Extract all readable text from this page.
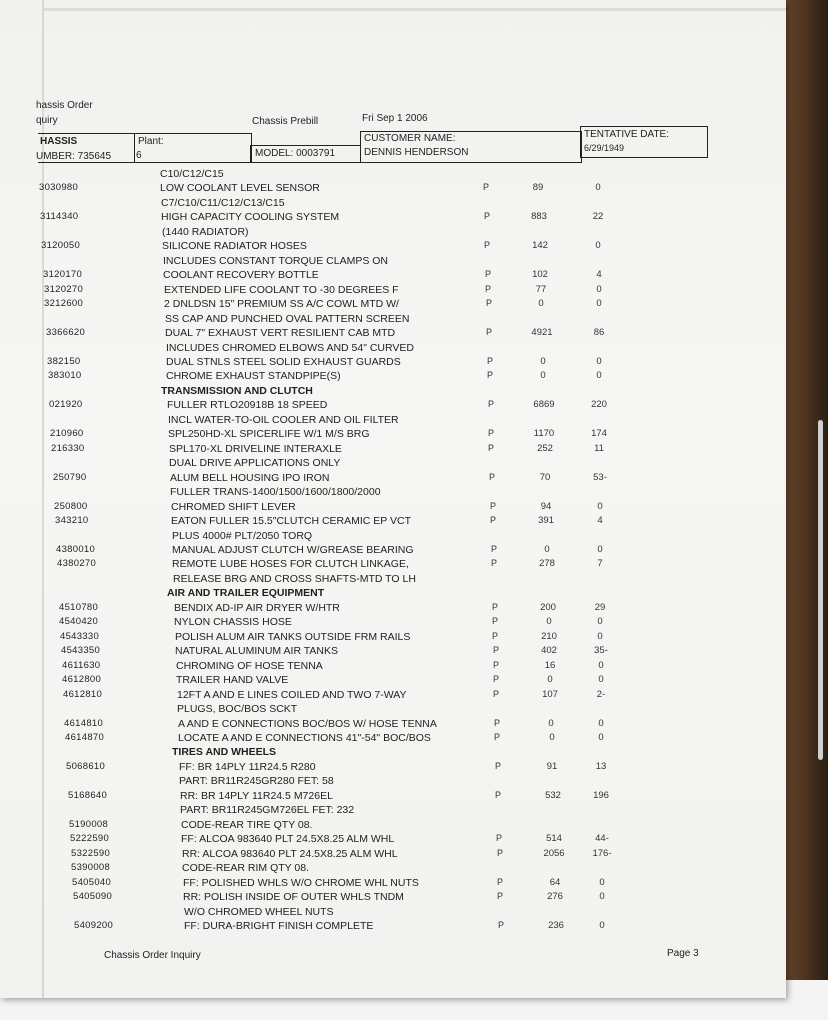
hassis Order
quiry	Chassis Prebill	Fri Sep 1 2006
HASSIS
UMBER: 735645
Plant:
6	MODEL: 0003791
CUSTOMER NAME:
DENNIS HENDERSON
TENTATIVE DATE:
6/29/1949
C10/C12/C15
3030980	LOW COOLANT LEVEL SENSOR	P	89	0
C7/C10/C11/C12/C13/C15
3114340	HIGH CAPACITY COOLING SYSTEM	P	883	22
(1440 RADIATOR)
3120050	SILICONE RADIATOR HOSES	P	142	0
INCLUDES CONSTANT TORQUE CLAMPS ON
3120170	COOLANT RECOVERY BOTTLE	P	102	4
3120270	EXTENDED LIFE COOLANT TO -30 DEGREES F	P	77	0
3212600	2 DNLDSN 15" PREMIUM SS A/C COWL MTD W/	P	0	0
SS CAP AND PUNCHED OVAL PATTERN SCREEN
3366620	DUAL 7" EXHAUST VERT RESILIENT CAB MTD	P	4921	86
INCLUDES CHROMED ELBOWS AND 54" CURVED
382150	DUAL STNLS STEEL SOLID EXHAUST GUARDS	P	0	0
383010	CHROME EXHAUST STANDPIPE(S)	P	0	0
TRANSMISSION AND CLUTCH
021920	FULLER RTLO20918B 18 SPEED	P	6869	220
INCL WATER-TO-OIL COOLER AND OIL FILTER
210960	SPL250HD-XL SPICERLIFE W/1 M/S BRG	P	1170	174
216330	SPL170-XL DRIVELINE INTERAXLE	P	252	11
DUAL DRIVE APPLICATIONS ONLY
250790	ALUM BELL HOUSING IPO IRON	P	70	53-
FULLER TRANS-1400/1500/1600/1800/2000
250800	CHROMED SHIFT LEVER	P	94	0
343210	EATON FULLER 15.5"CLUTCH CERAMIC EP VCT	P	391	4
PLUS 4000# PLT/2050 TORQ
4380010	MANUAL ADJUST CLUTCH W/GREASE BEARING	P	0	0
4380270	REMOTE LUBE HOSES FOR CLUTCH LINKAGE,	P	278	7
RELEASE BRG AND CROSS SHAFTS-MTD TO LH
AIR AND TRAILER EQUIPMENT
4510780	BENDIX AD-IP AIR DRYER W/HTR	P	200	29
4540420	NYLON CHASSIS HOSE	P	0	0
4543330	POLISH ALUM AIR TANKS OUTSIDE FRM RAILS	P	210	0
4543350	NATURAL ALUMINUM AIR TANKS	P	402	35-
4611630	CHROMING OF HOSE TENNA	P	16	0
4612800	TRAILER HAND VALVE	P	0	0
4612810	12FT A AND E LINES COILED AND TWO 7-WAY	P	107	2-
PLUGS, BOC/BOS SCKT
4614810	A AND E CONNECTIONS BOC/BOS W/ HOSE TENNA	P	0	0
4614870	LOCATE A AND E CONNECTIONS 41"-54" BOC/BOS	P	0	0
TIRES AND WHEELS
5068610	FF: BR 14PLY 11R24.5 R280	P	91	13
PART: BR11R245GR280 FET: 58
5168640	RR: BR 14PLY 11R24.5 M726EL	P	532	196
PART: BR11R245GM726EL FET: 232
5190008	CODE-REAR TIRE QTY 08.
5222590	FF: ALCOA 983640 PLT 24.5X8.25 ALM WHL	P	514	44-
5322590	RR: ALCOA 983640 PLT 24.5X8.25 ALM WHL	P	2056	176-
5390008	CODE-REAR RIM QTY 08.
5405040	FF: POLISHED WHLS W/O CHROME WHL NUTS	P	64	0
5405090	RR: POLISH INSIDE OF OUTER WHLS TNDM	P	276	0
W/O CHROMED WHEEL NUTS
5409200	FF: DURA-BRIGHT FINISH COMPLETE	P	236	0
Chassis Order Inquiry	Page 3
